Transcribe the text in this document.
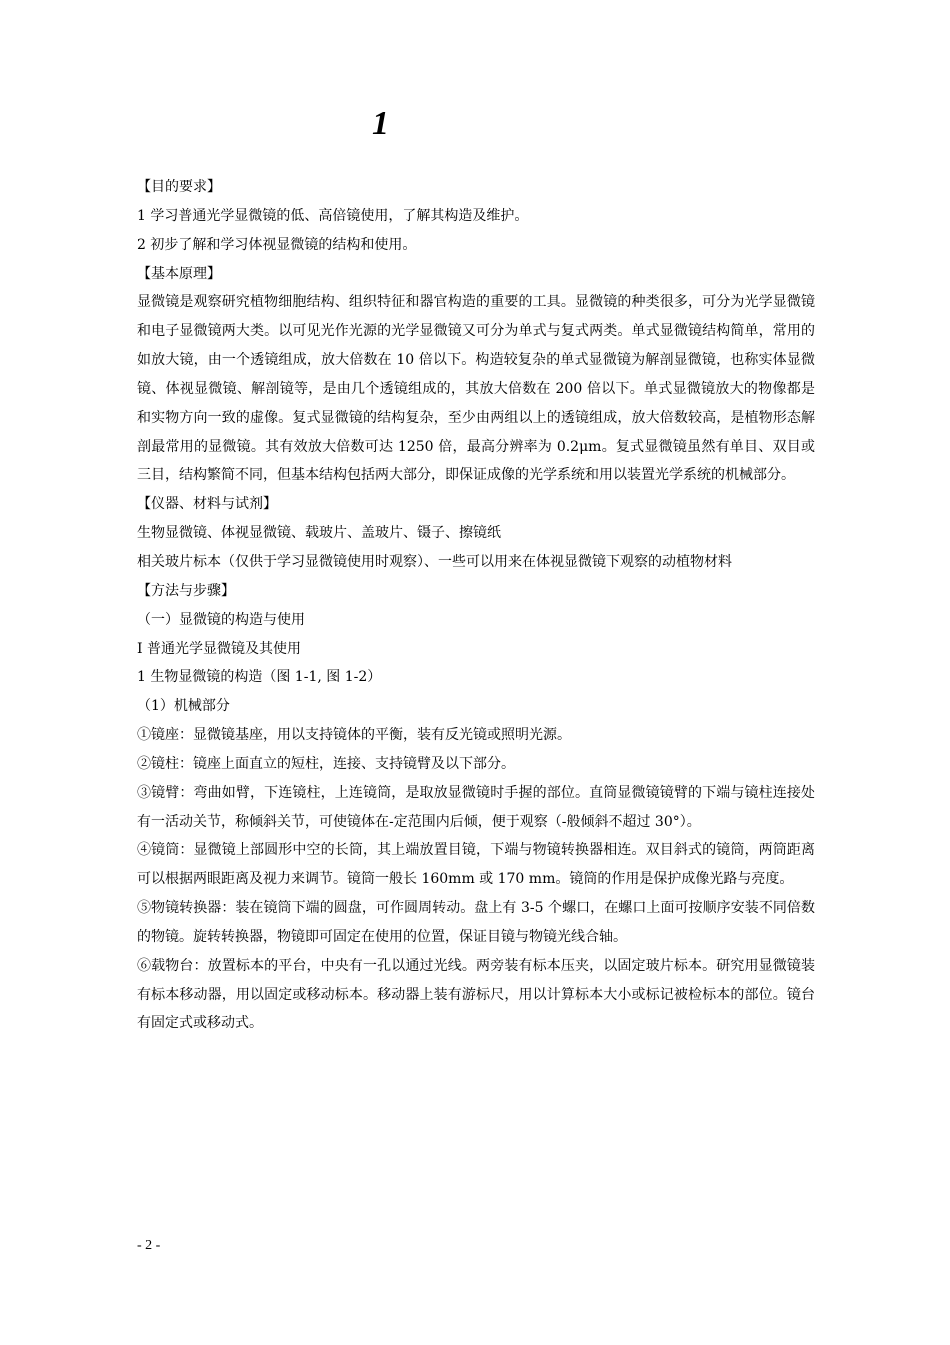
1

【目的要求】

1 学习普通光学显微镜的低、高倍镜使用，了解其构造及维护。

2 初步了解和学习体视显微镜的结构和使用。

【基本原理】

显微镜是观察研究植物细胞结构、组织特征和器官构造的重要的工具。显微镜的种类很多，可分为光学显微镜和电子显微镜两大类。以可见光作光源的光学显微镜又可分为单式与复式两类。单式显微镜结构简单，常用的如放大镜，由一个透镜组成，放大倍数在 10 倍以下。构造较复杂的单式显微镜为解剖显微镜，也称实体显微镜、体视显微镜、解剖镜等，是由几个透镜组成的，其放大倍数在 200 倍以下。单式显微镜放大的物像都是和实物方向一致的虚像。复式显微镜的结构复杂，至少由两组以上的透镜组成，放大倍数较高，是植物形态解剖最常用的显微镜。其有效放大倍数可达 1250 倍，最高分辨率为 0.2μm。复式显微镜虽然有单目、双目或三目，结构繁简不同，但基本结构包括两大部分，即保证成像的光学系统和用以装置光学系统的机械部分。

【仪器、材料与试剂】

生物显微镜、体视显微镜、载玻片、盖玻片、镊子、擦镜纸

相关玻片标本（仅供于学习显微镜使用时观察）、一些可以用来在体视显微镜下观察的动植物材料

【方法与步骤】

（一）显微镜的构造与使用

I 普通光学显微镜及其使用

1 生物显微镜的构造（图 1-1, 图 1-2）

（1）机械部分

①镜座：显微镜基座，用以支持镜体的平衡，装有反光镜或照明光源。

②镜柱：镜座上面直立的短柱，连接、支持镜臂及以下部分。

③镜臂：弯曲如臂，下连镜柱，上连镜筒，是取放显微镜时手握的部位。直筒显微镜镜臂的下端与镜柱连接处有一活动关节，称倾斜关节，可使镜体在-定范围内后倾，便于观察（-般倾斜不超过 30°）。

④镜筒：显微镜上部圆形中空的长筒，其上端放置目镜，下端与物镜转换器相连。双目斜式的镜筒，两筒距离可以根据两眼距离及视力来调节。镜筒一般长 160mm 或 170 mm。镜筒的作用是保护成像光路与亮度。

⑤物镜转换器：装在镜筒下端的圆盘，可作圆周转动。盘上有 3-5 个螺口，在螺口上面可按顺序安装不同倍数的物镜。旋转转换器，物镜即可固定在使用的位置，保证目镜与物镜光线合轴。

⑥载物台：放置标本的平台，中央有一孔以通过光线。两旁装有标本压夹，以固定玻片标本。研究用显微镜装有标本移动器，用以固定或移动标本。移动器上装有游标尺，用以计算标本大小或标记被检标本的部位。镜台有固定式或移动式。

- 2 -
